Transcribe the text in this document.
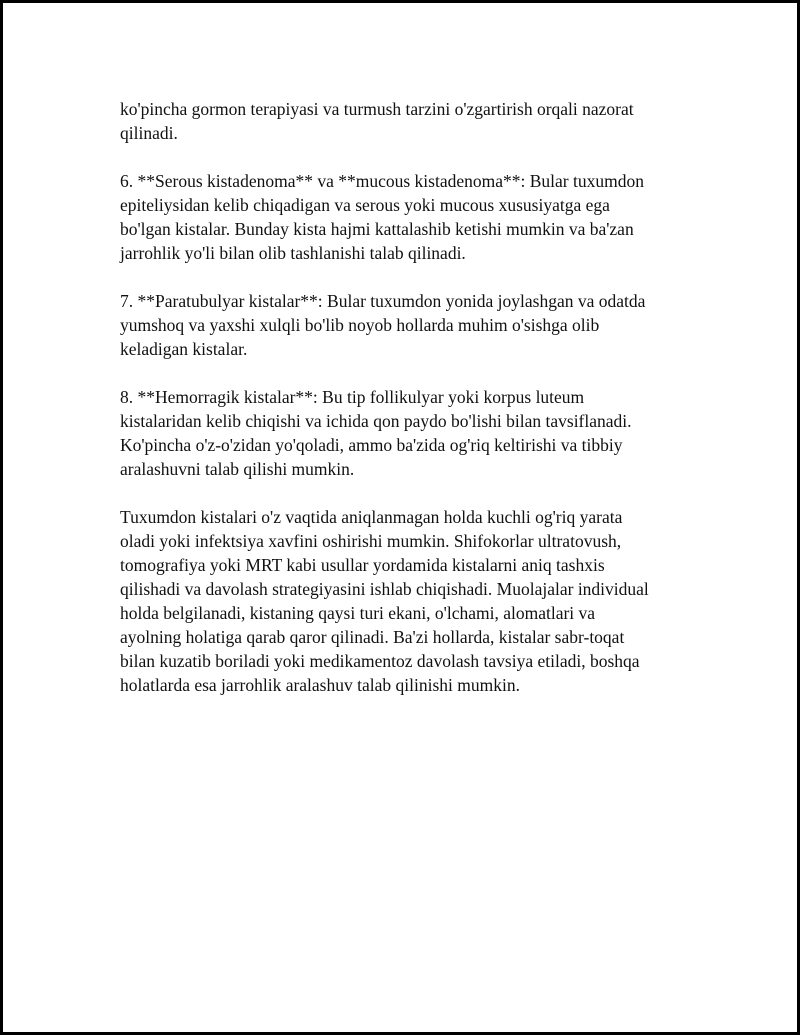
ko'pincha gormon terapiyasi va turmush tarzini o'zgartirish orqali nazorat
qilinadi.

6. **Serous kistadenoma** va **mucous kistadenoma**: Bular tuxumdon
epiteliysidan kelib chiqadigan va serous yoki mucous xususiyatga ega
bo'lgan kistalar. Bunday kista hajmi kattalashib ketishi mumkin va ba'zan
jarrohlik yo'li bilan olib tashlanishi talab qilinadi.

7. **Paratubulyar kistalar**: Bular tuxumdon yonida joylashgan va odatda
yumshoq va yaxshi xulqli bo'lib noyob hollarda muhim o'sishga olib
keladigan kistalar.

8. **Hemorragik kistalar**: Bu tip follikulyar yoki korpus luteum
kistalaridan kelib chiqishi va ichida qon paydo bo'lishi bilan tavsiflanadi.
Ko'pincha o'z-o'zidan yo'qoladi, ammo ba'zida og'riq keltirishi va tibbiy
aralashuvni talab qilishi mumkin.

Tuxumdon kistalari o'z vaqtida aniqlanmagan holda kuchli og'riq yarata
oladi yoki infektsiya xavfini oshirishi mumkin. Shifokorlar ultratovush,
tomografiya yoki MRT kabi usullar yordamida kistalarni aniq tashxis
qilishadi va davolash strategiyasini ishlab chiqishadi. Muolajalar individual
holda belgilanadi, kistaning qaysi turi ekani, o'lchami, alomatlari va
ayolning holatiga qarab qaror qilinadi. Ba'zi hollarda, kistalar sabr-toqat
bilan kuzatib boriladi yoki medikamentoz davolash tavsiya etiladi, boshqa
holatlarda esa jarrohlik aralashuv talab qilinishi mumkin.
